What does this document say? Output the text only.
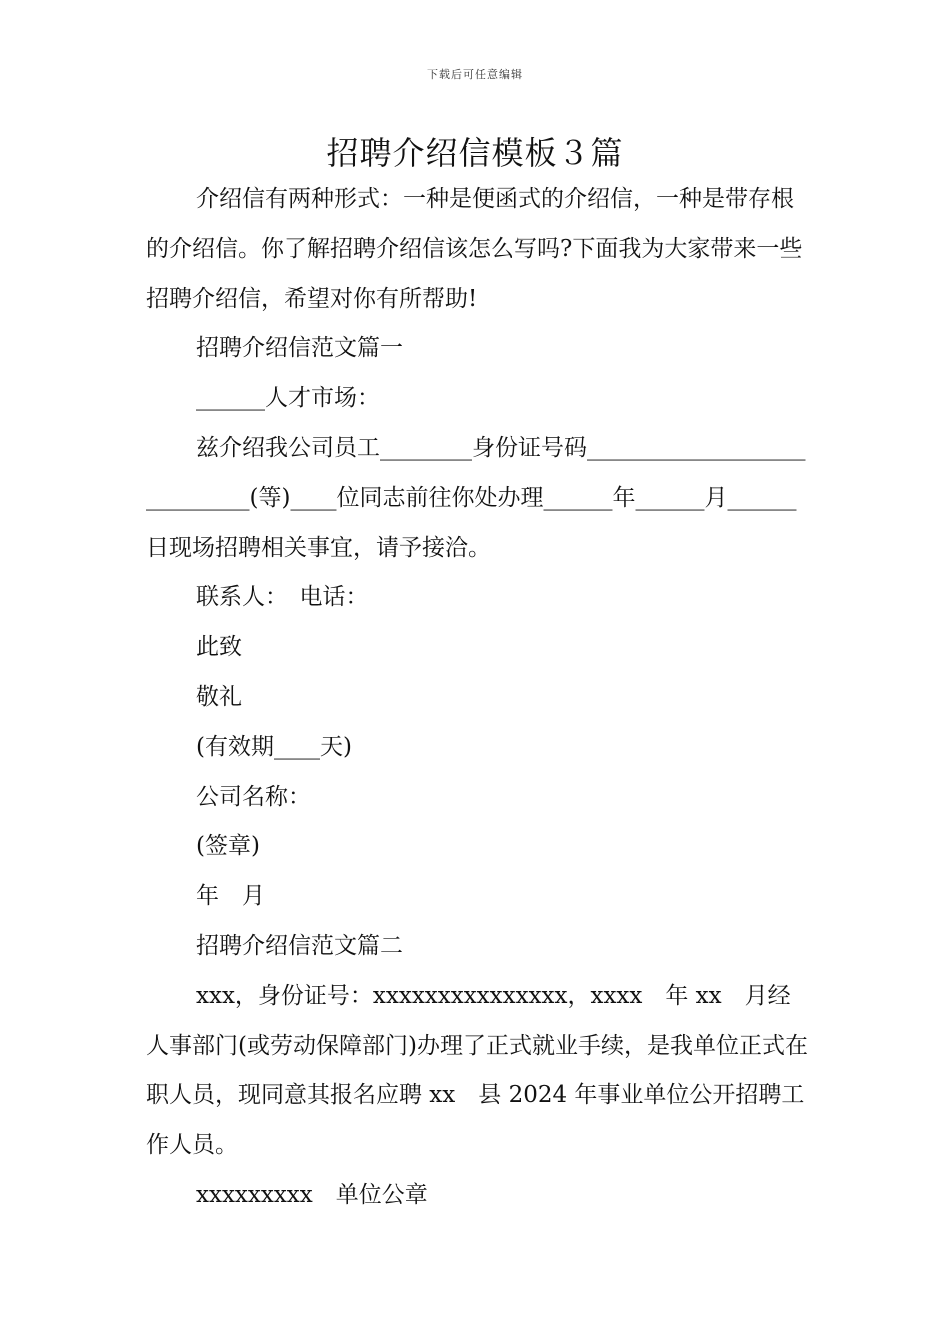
下载后可任意编辑
招聘介绍信模板３篇

介绍信有两种形式：一种是便函式的介绍信，一种是带存根的介绍信。你了解招聘介绍信该怎么写吗?下面我为大家带来一些招聘介绍信，希望对你有所帮助!

招聘介绍信范文篇一

______人才市场：

兹介绍我公司员工________身份证号码____________________________(等)____位同志前往你处办理______年______月______日现场招聘相关事宜，请予接洽。

联系人：　电话：

此致

敬礼

(有效期____天)

公司名称：

(签章)

年　月

招聘介绍信范文篇二

xxx，身份证号：xxxxxxxxxxxxxxx，xxxx　年 xx　月经人事部门(或劳动保障部门)办理了正式就业手续，是我单位正式在职人员，现同意其报名应聘 xx　县 2024 年事业单位公开招聘工作人员。

xxxxxxxxx　单位公章
